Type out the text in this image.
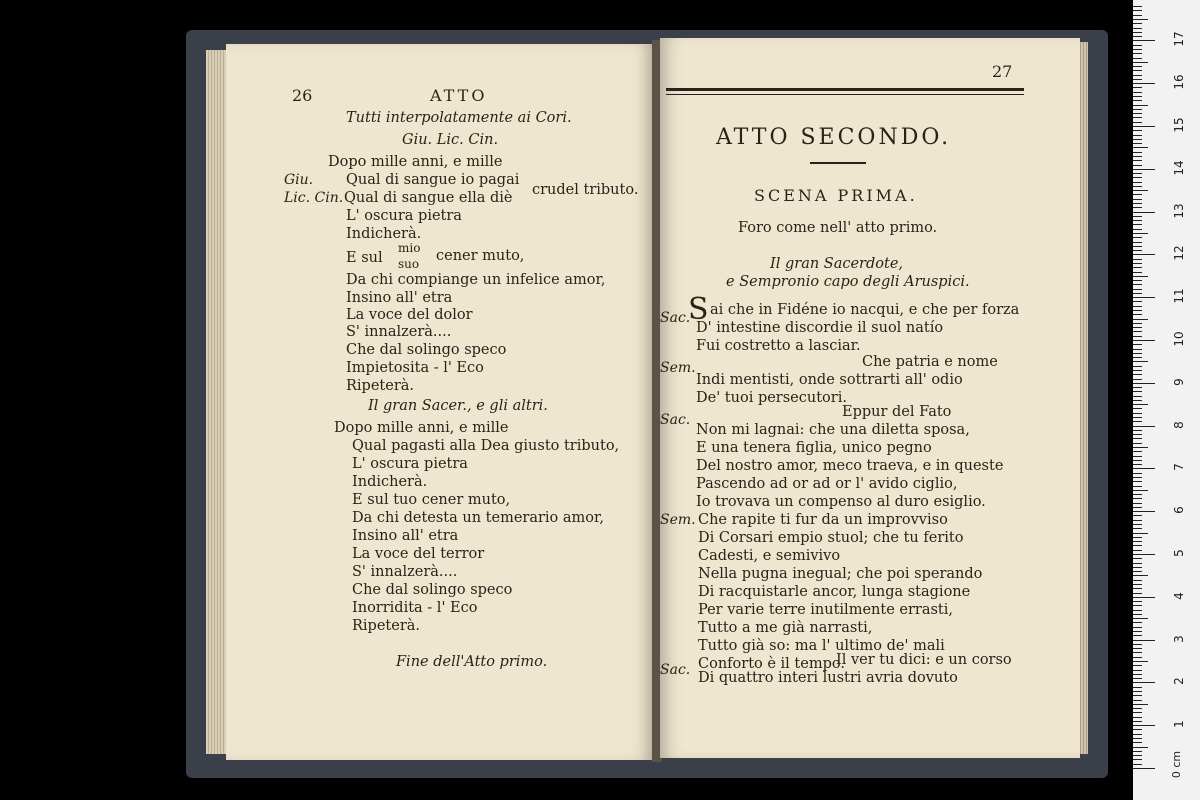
26	ATTO
Tutti interpolatamente ai Cori.
Giu. Lic. Cin.
Dopo mille anni, e mille
Giu. Qual di sangue io pagai
Lic. Cin. Qual di sangue ella diè crudel tributo.
L' oscura pietra
Indicherà.
E sul
mio
suo cener muto,
Da chi compiange un infelice amor,
Insino all' etra
La voce del dolor
S' innalzerà....
Che dal solingo speco
Impietosita - l' Eco
Ripeterà.
Il gran Sacer., e gli altri.
Dopo mille anni, e mille
Qual pagasti alla Dea giusto tributo,
L' oscura pietra
Indicherà.
E sul tuo cener muto,
Da chi detesta un temerario amor,
Insino all' etra
La voce del terror
S' innalzerà....
Che dal solingo speco
Inorridita - l' Eco
Ripeterà.
Fine dell'Atto primo.
27
ATTO SECONDO.
SCENA PRIMA.
Foro come nell' atto primo.
Il gran Sacerdote,
e Sempronio capo degli Aruspici.
Sac.
S ai che in Fidéne io nacqui, e che per forza
D' intestine discordie il suol natío
Fui costretto a lasciar.
Sem.	Che patria e nome
Indi mentisti, onde sottrarti all' odio
De' tuoi persecutori.
Sac.	Eppur del Fato
Non mi lagnai: che una diletta sposa,
E una tenera figlia, unico pegno
Del nostro amor, meco traeva, e in queste
Pascendo ad or ad or l' avido ciglio,
Io trovava un compenso al duro esiglio.
Sem. Che rapite ti fur da un improvviso
Di Corsari empio stuol; che tu ferito
Cadesti, e semivivo
Nella pugna inegual; che poi sperando
Di racquistarle ancor, lunga stagione
Per varie terre inutilmente errasti,
Tutto a me già narrasti,
Tutto già so: ma l' ultimo de' mali
Conforto è il tempo.
Sac.
Il ver tu dici: e un corso
Di quattro interi lustri avria dovuto
0 cm
1
2
3
4
5
6
7
8
9
10
11
12
13
14
15
16
17
